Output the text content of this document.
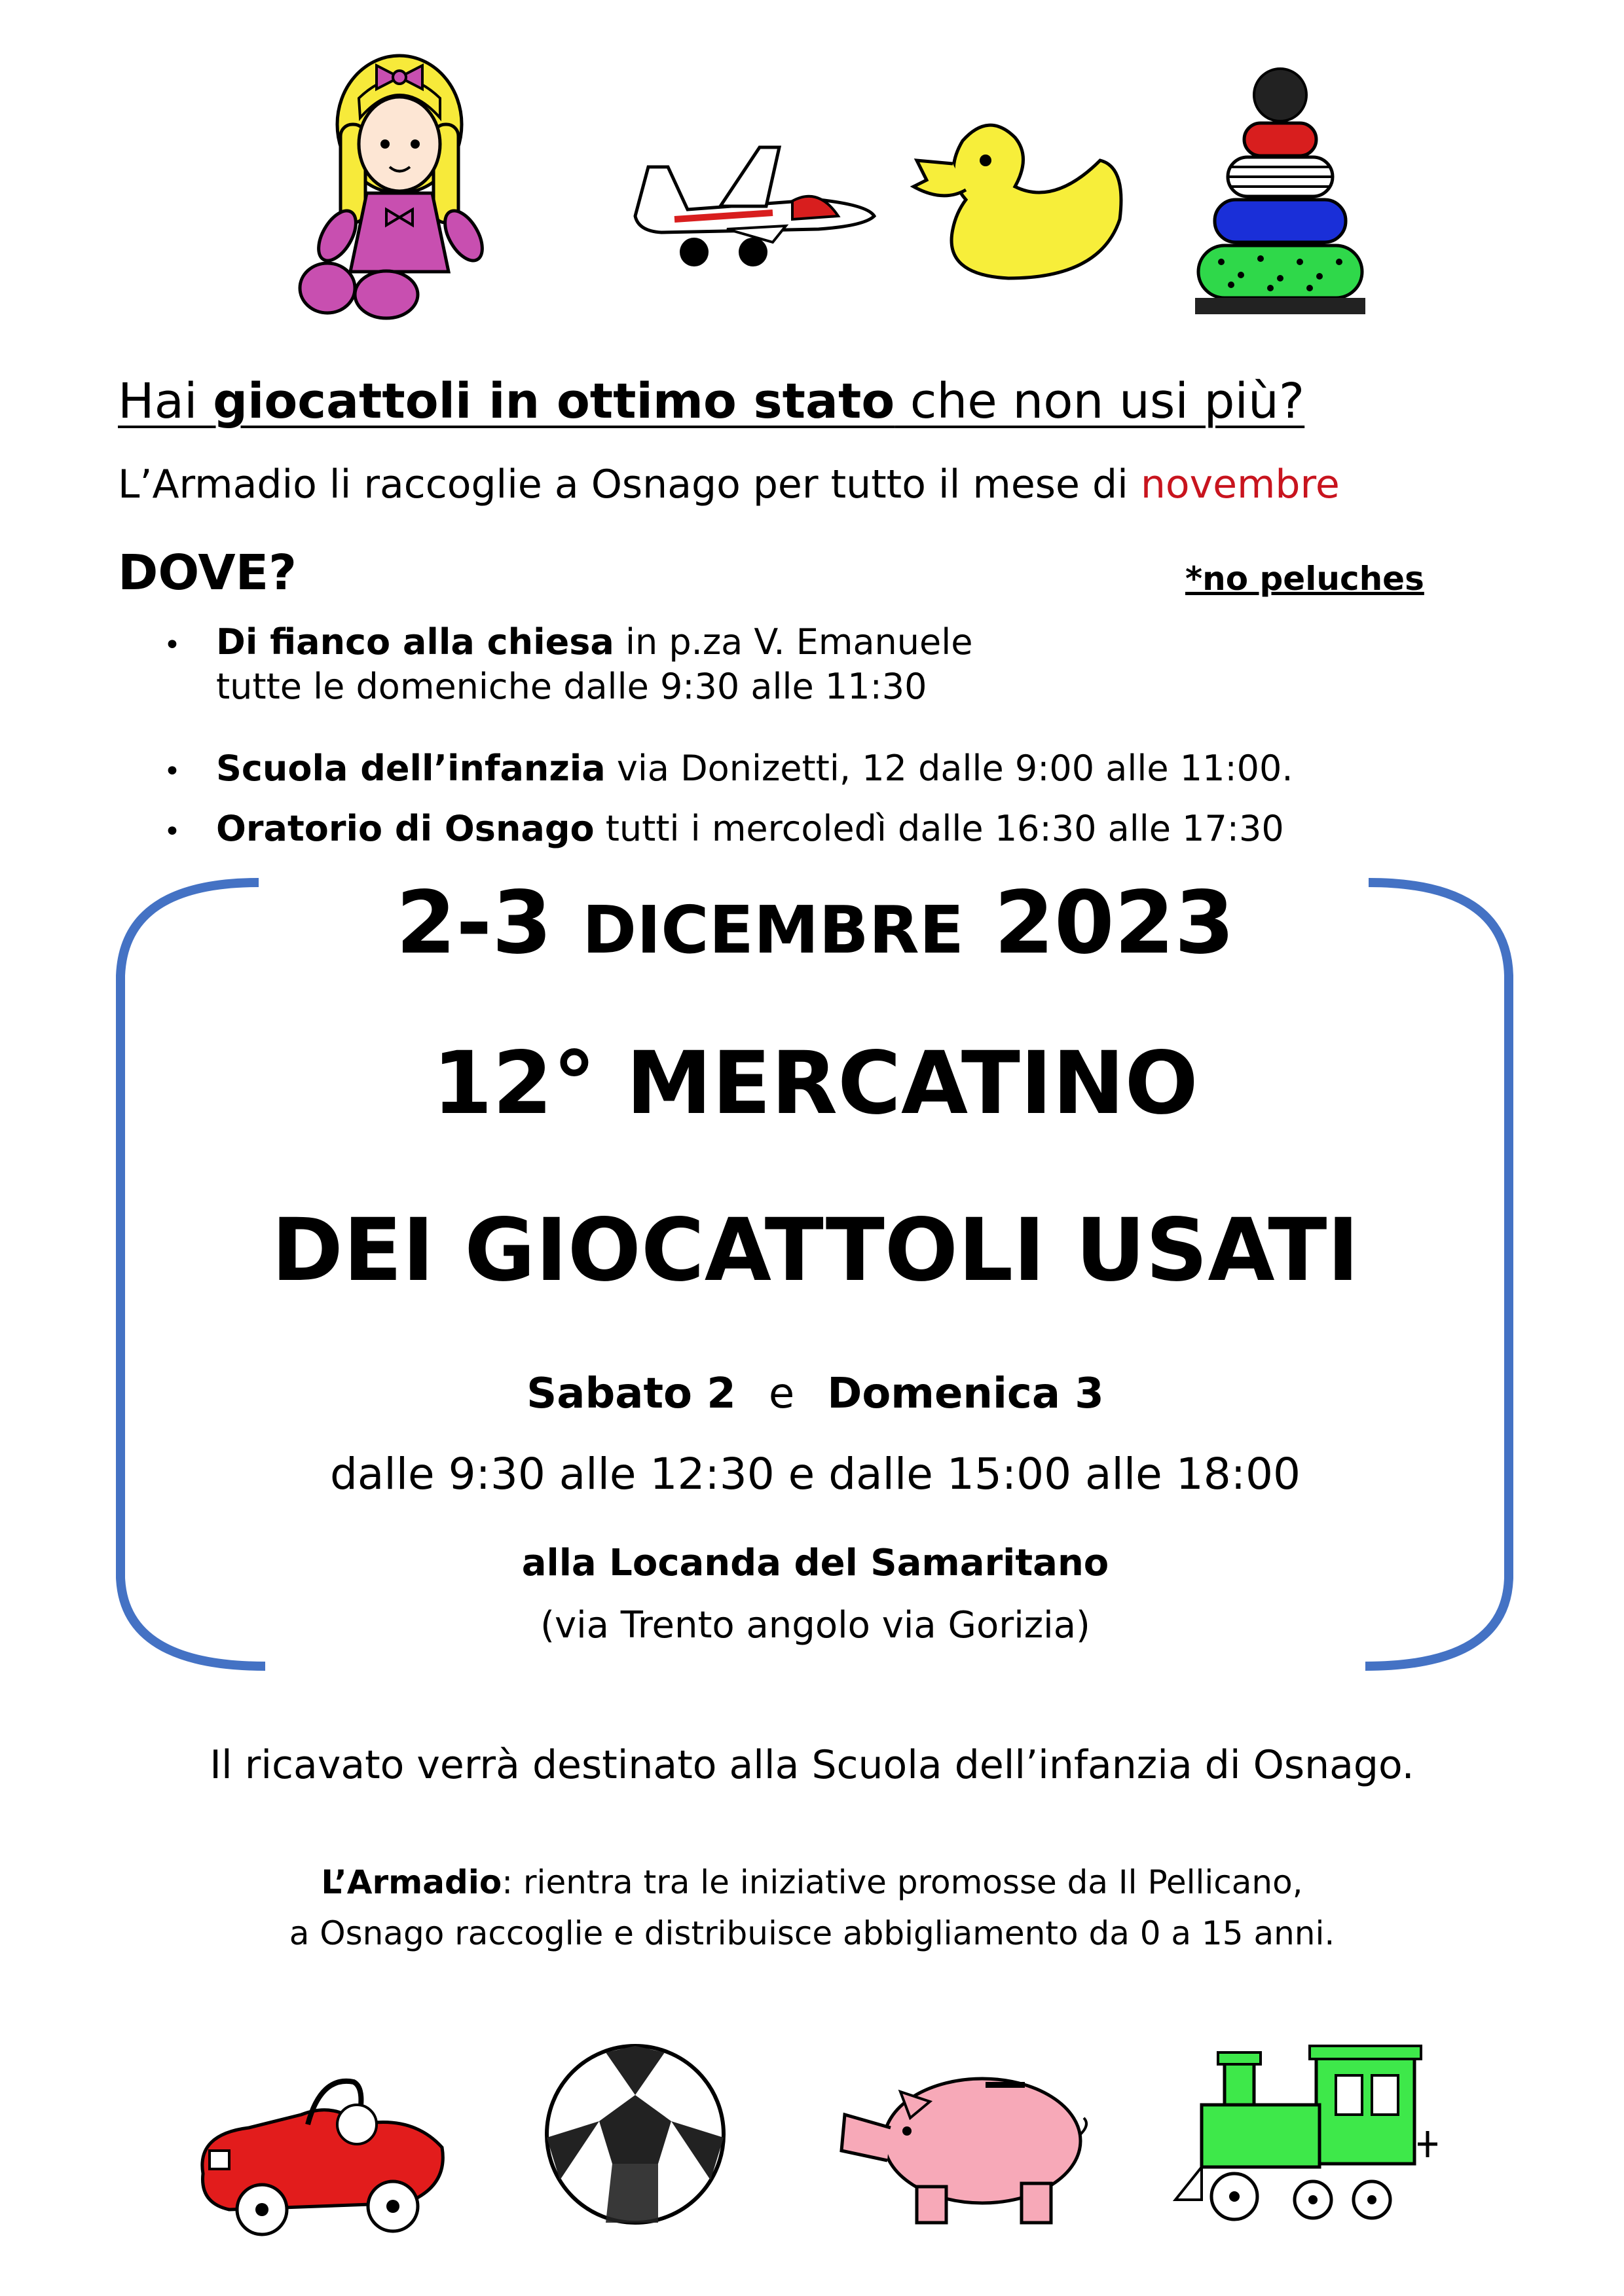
Hai giocattoli in ottimo stato che non usi più?
L’Armadio li raccoglie a Osnago per tutto il mese di novembre
DOVE?	*no peluches
• Di fianco alla chiesa in p.za V. Emanuele
tutte le domeniche dalle 9:30 alle 11:30
• Scuola dell’infanzia via Donizetti, 12 dalle 9:00 alle 11:00.
• Oratorio di Osnago tutti i mercoledì dalle 16:30 alle 17:30
2-3 DICEMBRE 2023
12° MERCATINO
DEI GIOCATTOLI USATI
Sabato 2 e Domenica 3
dalle 9:30 alle 12:30 e dalle 15:00 alle 18:00
alla Locanda del Samaritano
(via Trento angolo via Gorizia)
Il ricavato verrà destinato alla Scuola dell’infanzia di Osnago.
L’Armadio: rientra tra le iniziative promosse da Il Pellicano,
a Osnago raccoglie e distribuisce abbigliamento da 0 a 15 anni.
